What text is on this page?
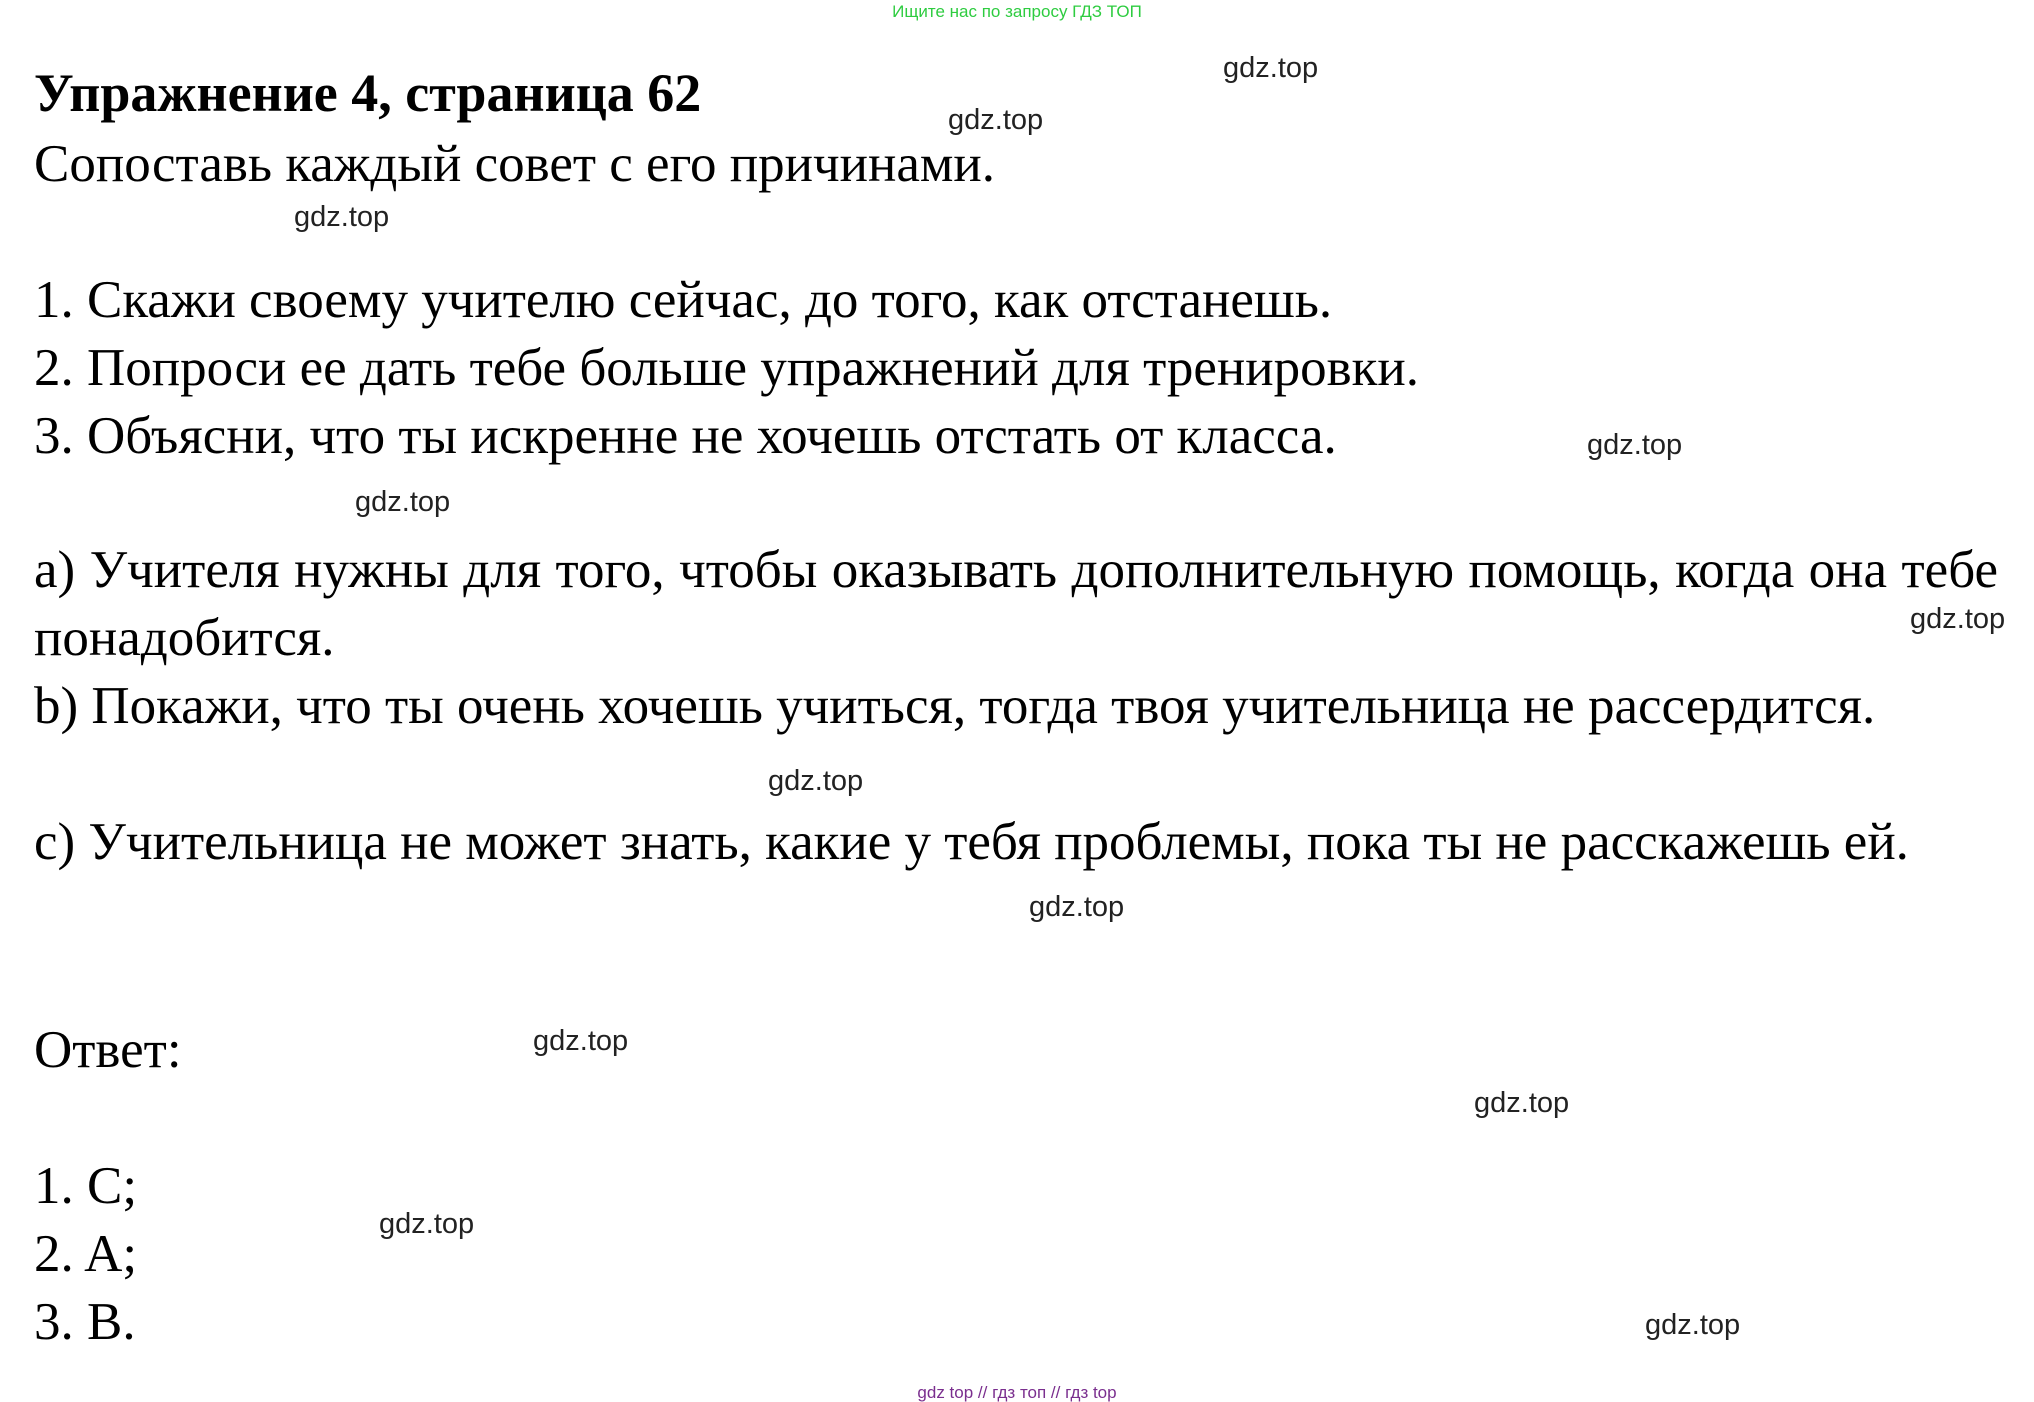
Ищите нас по запросу ГДЗ ТОП
Упражнение 4, страница 62
Сопоставь каждый совет с его причинами.
1. Скажи своему учителю сейчас, до того, как отстанешь.
2. Попроси ее дать тебе больше упражнений для тренировки.
3. Объясни, что ты искренне не хочешь отстать от класса.
a) Учителя нужны для того, чтобы оказывать дополнительную помощь, когда она тебе понадобится.
b) Покажи, что ты очень хочешь учиться, тогда твоя учительница не рассердится.
c) Учительница не может знать, какие у тебя проблемы, пока ты не расскажешь ей.
Ответ:
1. C;
2. A;
3. B.
gdz.top
gdz.top
gdz.top
gdz.top
gdz.top
gdz.top
gdz.top
gdz.top
gdz.top
gdz.top
gdz.top
gdz.top
gdz top // гдз топ // гдз top
